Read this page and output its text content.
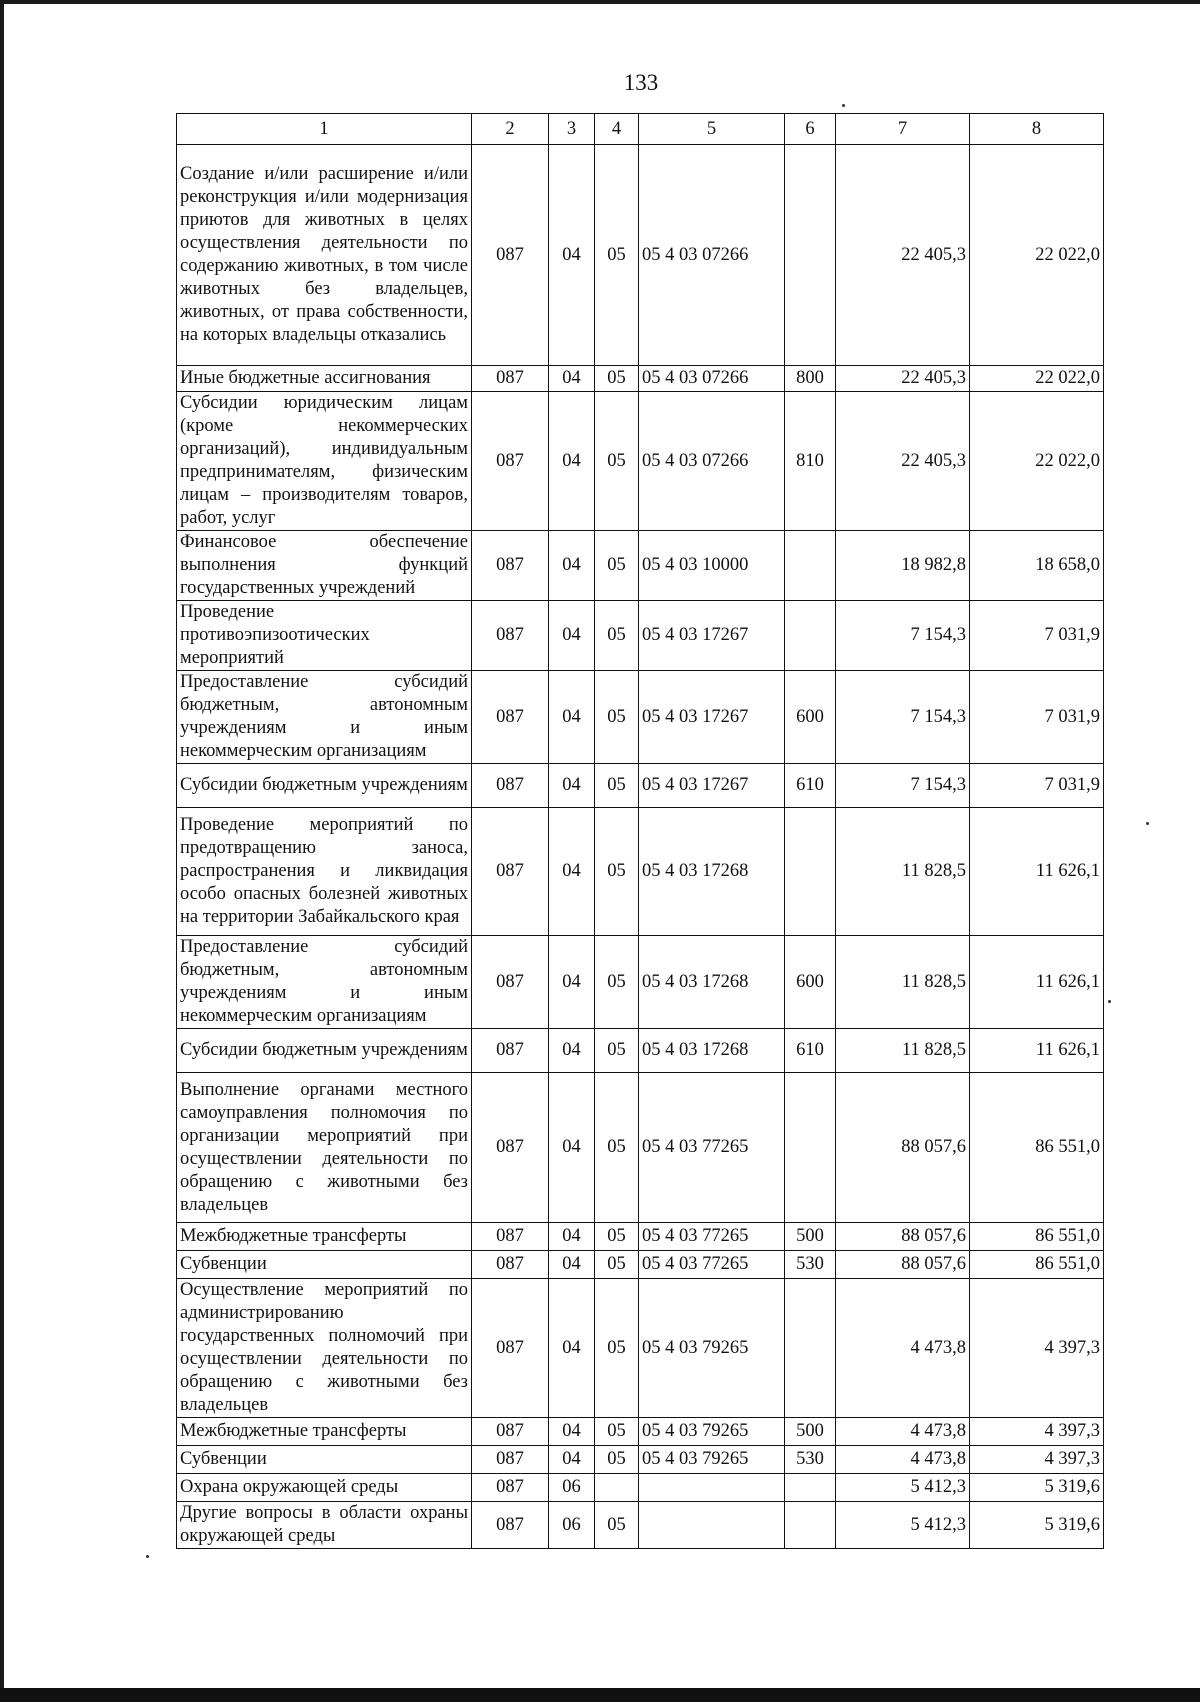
133
1	2	3	4	5	6	7	8
Создание и/или расширение и/или реконструкция и/или модернизация приютов для животных в целях осуществления деятельности по содержанию животных, в том числе животных без владельцев, животных, от права собственности, на которых владельцы отказались	087	04	05	05 4 03 07266		22 405,3	22 022,0
Иные бюджетные ассигнования	087	04	05	05 4 03 07266	800	22 405,3	22 022,0
Субсидии юридическим лицам (кроме некоммерческих организаций), индивидуальным предпринимателям, физическим лицам – производителям товаров, работ, услуг	087	04	05	05 4 03 07266	810	22 405,3	22 022,0
Финансовое обеспечение выполнения функций государственных учреждений	087	04	05	05 4 03 10000		18 982,8	18 658,0
Проведение противоэпизоотических мероприятий	087	04	05	05 4 03 17267		7 154,3	7 031,9
Предоставление субсидий бюджетным, автономным учреждениям и иным некоммерческим организациям	087	04	05	05 4 03 17267	600	7 154,3	7 031,9
Субсидии бюджетным учреждениям	087	04	05	05 4 03 17267	610	7 154,3	7 031,9
Проведение мероприятий по предотвращению заноса, распространения и ликвидация особо опасных болезней животных на территории Забайкальского края	087	04	05	05 4 03 17268		11 828,5	11 626,1
Предоставление субсидий бюджетным, автономным учреждениям и иным некоммерческим организациям	087	04	05	05 4 03 17268	600	11 828,5	11 626,1
Субсидии бюджетным учреждениям	087	04	05	05 4 03 17268	610	11 828,5	11 626,1
Выполнение органами местного самоуправления полномочия по организации мероприятий при осуществлении деятельности по обращению с животными без владельцев	087	04	05	05 4 03 77265		88 057,6	86 551,0
Межбюджетные трансферты	087	04	05	05 4 03 77265	500	88 057,6	86 551,0
Субвенции	087	04	05	05 4 03 77265	530	88 057,6	86 551,0
Осуществление мероприятий по администрированию государственных полномочий при осуществлении деятельности по обращению с животными без владельцев	087	04	05	05 4 03 79265		4 473,8	4 397,3
Межбюджетные трансферты	087	04	05	05 4 03 79265	500	4 473,8	4 397,3
Субвенции	087	04	05	05 4 03 79265	530	4 473,8	4 397,3
Охрана окружающей среды	087	06				5 412,3	5 319,6
Другие вопросы в области охраны окружающей среды	087	06	05			5 412,3	5 319,6
